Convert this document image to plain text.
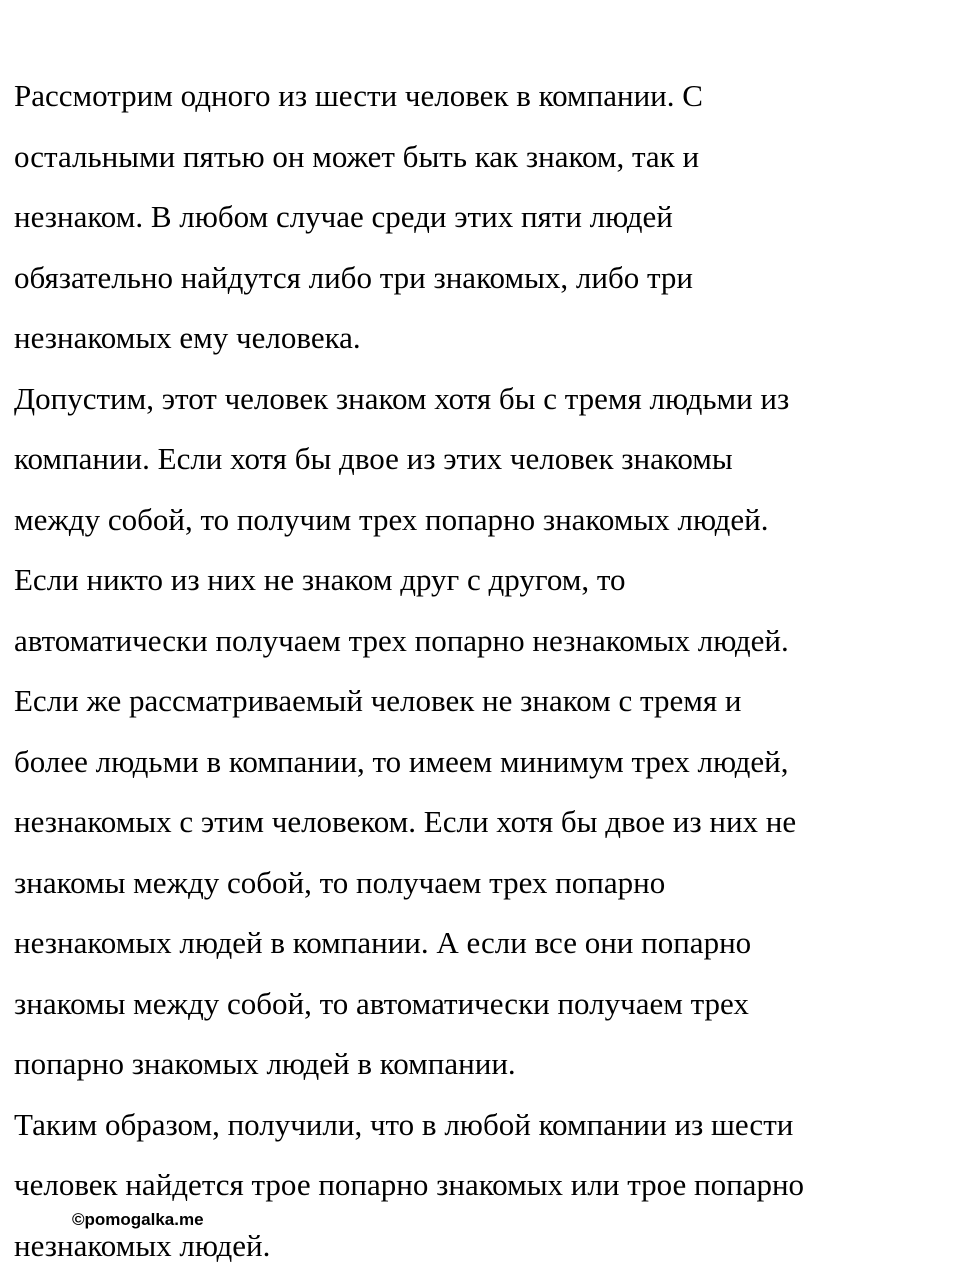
Рассмотрим одного из шести человек в компании. С
остальными пятью он может быть как знаком, так и
незнаком. В любом случае среди этих пяти людей
обязательно найдутся либо три знакомых, либо три
незнакомых ему человека.
Допустим, этот человек знаком хотя бы с тремя людьми из
компании. Если хотя бы двое из этих человек знакомы
между собой, то получим трех попарно знакомых людей.
Если никто из них не знаком друг с другом, то
автоматически получаем трех попарно незнакомых людей.
Если же рассматриваемый человек не знаком с тремя и
более людьми в компании, то имеем минимум трех людей,
незнакомых с этим человеком. Если хотя бы двое из них не
знакомы между собой, то получаем трех попарно
незнакомых людей в компании. А если все они попарно
знакомы между собой, то автоматически получаем трех
попарно знакомых людей в компании.
Таким образом, получили, что в любой компании из шести
человек найдется трое попарно знакомых или трое попарно
незнакомых людей.
©pomogalka.me
